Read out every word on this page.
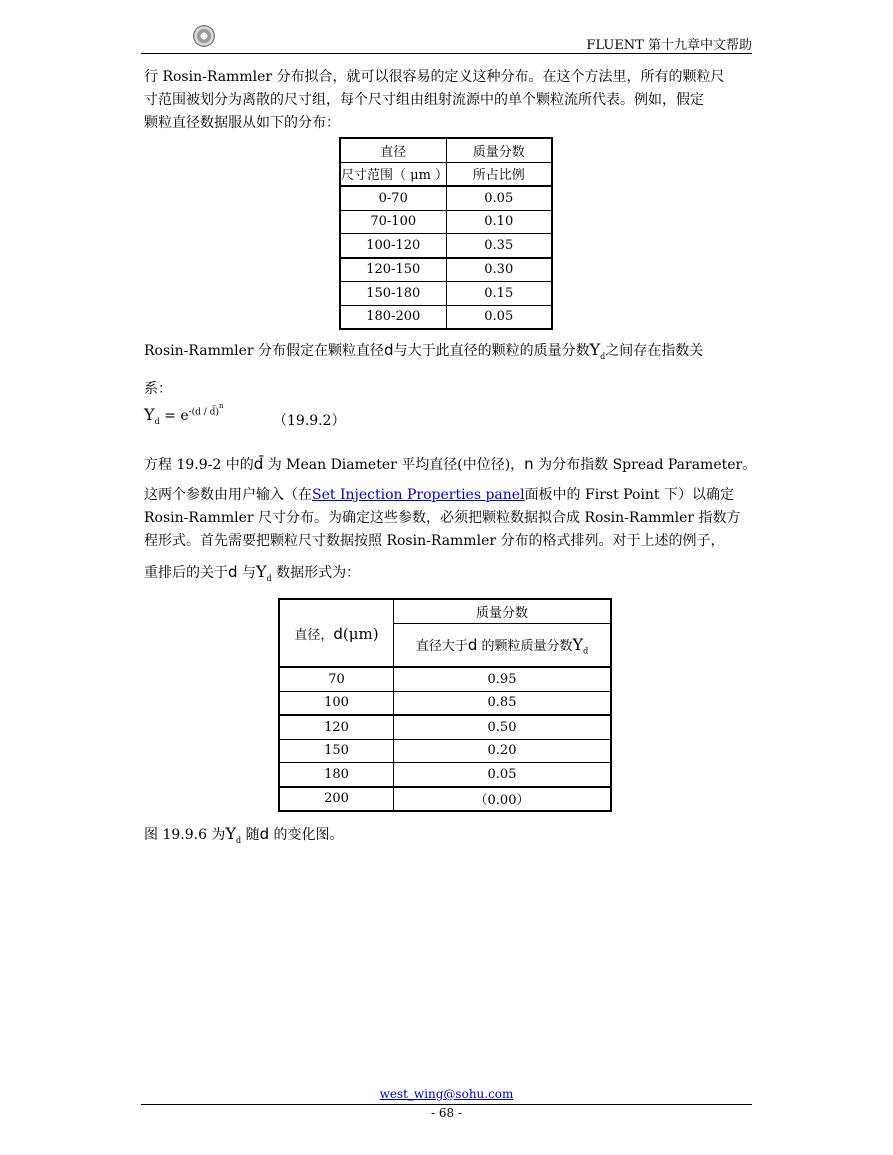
FLUENT 第十九章中文帮助

行 Rosin-Rammler 分布拟合，就可以很容易的定义这种分布。在这个方法里，所有的颗粒尺
寸范围被划分为离散的尺寸组，每个尺寸组由组射流源中的单个颗粒流所代表。例如，假定
颗粒直径数据服从如下的分布：

直径	质量分数
尺寸范围（ μm ）	所占比例
0-70	0.05
70-100	0.10
100-120	0.35
120-150	0.30
150-180	0.15
180-200	0.05

Rosin-Rammler 分布假定在颗粒直径d与大于此直径的颗粒的质量分数$Y_d$之间存在指数关
系：

$Y_d = e^{-(d / d̄)n}$
（19.9.2）

方程 19.9-2 中的d̄ 为 Mean Diameter 平均直径(中位径)，n 为分布指数 Spread Parameter。
这两个参数由用户输入（在Set Injection Properties panel面板中的 First Point 下）以确定
Rosin-Rammler 尺寸分布。为确定这些参数，必须把颗粒数据拟合成 Rosin-Rammler 指数方
程形式。首先需要把颗粒尺寸数据按照 Rosin-Rammler 分布的格式排列。对于上述的例子，
重排后的关于d 与$Y_d$ 数据形式为：

直径，d(μm)	质量分数
	直径大于d 的颗粒质量分数$Y_d$
70	0.95
100	0.85
120	0.50
150	0.20
180	0.05
200	（0.00）

图 19.9.6 为$Y_d$ 随d 的变化图。

west_wing@sohu.com
- 68 -
